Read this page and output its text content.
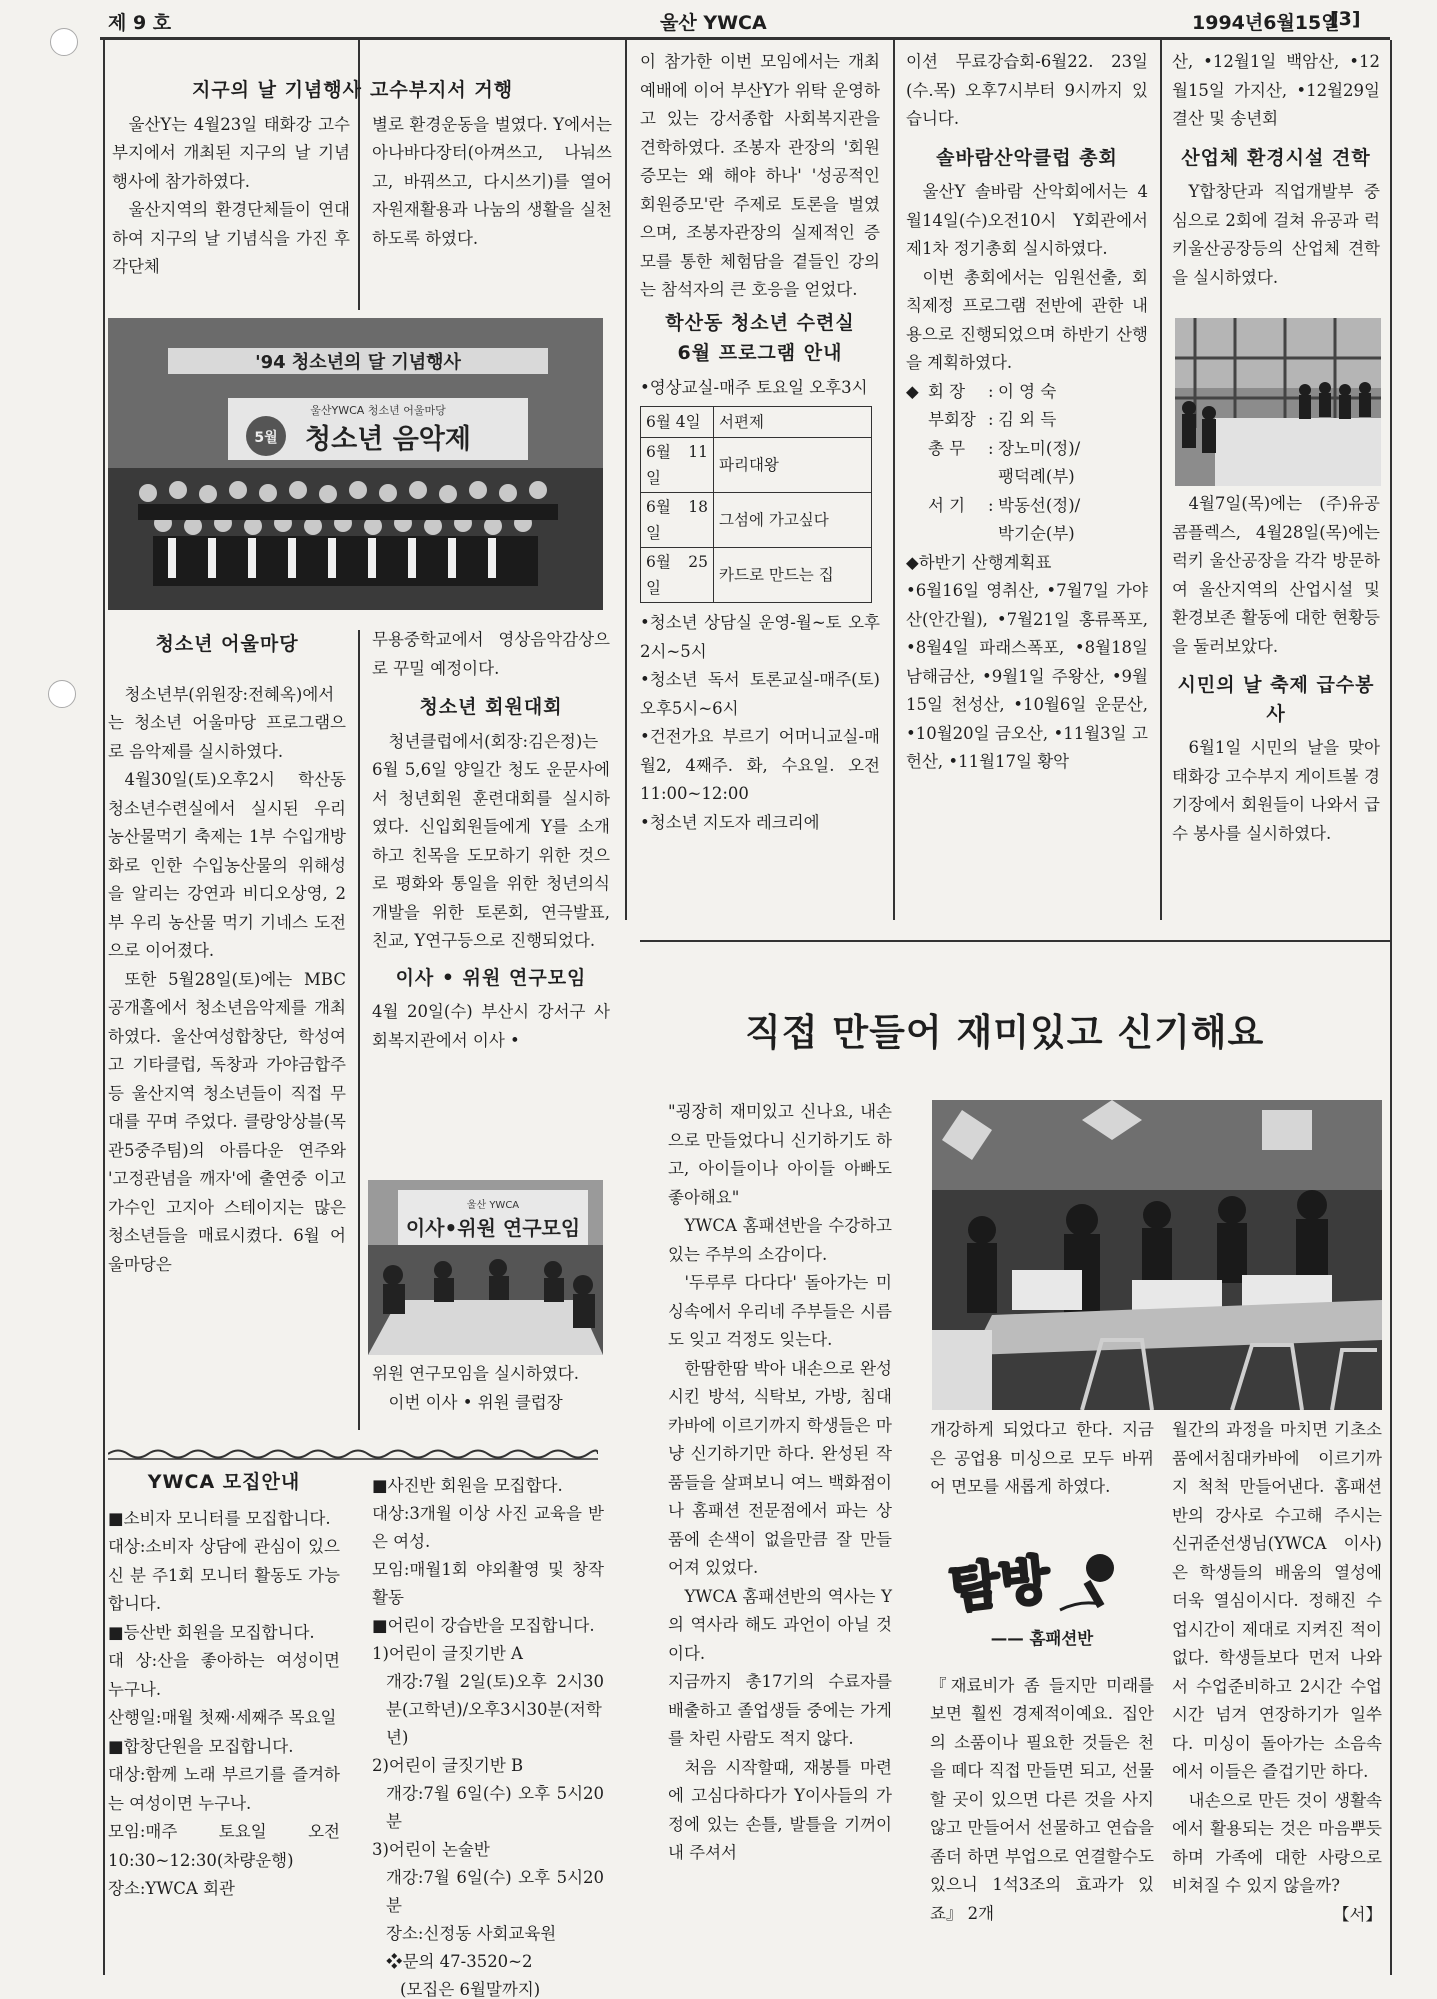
제 9 호	울산 YWCA	1994년6월15일
[3]
지구의 날 기념행사

울산Y는 4월23일 태화강 고수부지에서 개최된 지구의 날 기념행사에 참가하였다.

울산지역의 환경단체들이 연대하여 지구의 날 기념식을 가진 후 각단체

고수부지서 거행

별로 환경운동을 벌였다. Y에서는 아나바다장터(아껴쓰고, 나눠쓰고, 바꿔쓰고, 다시쓰기)를 열어 자원재활용과 나눔의 생활을 실천하도록 하였다.

'94 청소년의 달 기념행사
5월
울산YWCA 청소년 어울마당
청소년 음악제
청소년 어울마당

청소년부(위원장:전혜옥)에서는 청소년 어울마당 프로그램으로 음악제를 실시하였다.

4월30일(토)오후2시 학산동 청소년수련실에서 실시된 우리 농산물먹기 축제는 1부 수입개방화로 인한 수입농산물의 위해성을 알리는 강연과 비디오상영, 2부 우리 농산물 먹기 기네스 도전으로 이어졌다.

또한 5월28일(토)에는 MBC공개홀에서 청소년음악제를 개최하였다. 울산여성합창단, 학성여고 기타클럽, 독창과 가야금합주등 울산지역 청소년들이 직접 무대를 꾸며 주었다. 클랑앙상블(목관5중주팀)의 아름다운 연주와 '고정관념을 깨자'에 출연중 이고 가수인 고지아 스테이지는 많은 청소년들을 매료시켰다. 6월 어울마당은

무용중학교에서 영상음악감상으로 꾸밀 예정이다.

청소년 회원대회

청년클럽에서(회장:김은정)는 6월 5,6일 양일간 청도 운문사에서 청년회원 훈련대회를 실시하였다. 신입회원들에게 Y를 소개하고 친목을 도모하기 위한 것으로 평화와 통일을 위한 청년의식 개발을 위한 토론회, 연극발표, 친교, Y연구등으로 진행되었다.

이사 • 위원 연구모임

4월 20일(수) 부산시 강서구 사회복지관에서 이사 •

울산 YWCA
이사•위원 연구모임

위원 연구모임을 실시하였다.

이번 이사 • 위원 클럽장

이 참가한 이번 모임에서는 개최예배에 이어 부산Y가 위탁 운영하고 있는 강서종합 사회복지관을 견학하였다. 조봉자 관장의 '회원증모는 왜 해야 하나' '성공적인 회원증모'란 주제로 토론을 벌였으며, 조봉자관장의 실제적인 증모를 통한 체험담을 곁들인 강의는 참석자의 큰 호응을 얻었다.

학산동 청소년 수련실
6월 프로그램 안내

•영상교실-매주 토요일 오후3시

6월 4일	서편제
6월 11일	파리대왕
6월 18일	그섬에 가고싶다
6월 25일	카드로 만드는 집

•청소년 상담실 운영-월~토 오후2시~5시

•청소년 독서 토론교실-매주(토) 오후5시~6시

•건전가요 부르기 어머니교실-매월2, 4째주. 화, 수요일. 오전11:00~12:00

•청소년 지도자 레크리에

이션 무료강습회-6월22. 23일(수.목) 오후7시부터 9시까지 있습니다.

솔바람산악클럽 총회

울산Y 솔바람 산악회에서는 4월14일(수)오전10시 Y회관에서 제1차 정기총회 실시하였다.

이번 총회에서는 임원선출, 회칙제정 프로그램 전반에 관한 내용으로 진행되었으며 하반기 산행을 계획하였다.

◆ 회 장	: 이 영 숙
부회장 : 김 외 득
총 무	: 장노미(정)/
팽덕례(부)
서 기	: 박동선(정)/
박기순(부)

◆하반기 산행계획표

•6월16일 영취산, •7월7일 가야산(안간월), •7월21일 홍류폭포, •8월4일 파래스폭포, •8월18일 남해금산, •9월1일 주왕산, •9월15일 천성산, •10월6일 운문산, •10월20일 금오산, •11월3일 고헌산, •11월17일 황악

산, •12월1일 백암산, •12월15일 가지산, •12월29일 결산 및 송년회

산업체 환경시설 견학

Y합창단과 직업개발부 중심으로 2회에 걸쳐 유공과 럭키울산공장등의 산업체 견학을 실시하였다.

4월7일(목)에는 (주)유공 콤플렉스, 4월28일(목)에는 럭키 울산공장을 각각 방문하여 울산지역의 산업시설 및 환경보존 활동에 대한 현황등을 둘러보았다.

시민의 날 축제 급수봉사

6월1일 시민의 날을 맞아 태화강 고수부지 게이트볼 경기장에서 회원들이 나와서 급수 봉사를 실시하였다.

YWCA 모집안내

■소비자 모니터를 모집합니다.

대상:소비자 상담에 관심이 있으신 분 주1회 모니터 활동도 가능합니다.

■등산반 회원을 모집합니다.

대 상:산을 좋아하는 여성이면 누구나.

산행일:매월 첫째·세째주 목요일

■합창단원을 모집합니다.

대상:함께 노래 부르기를 즐겨하는 여성이면 누구나.

모임:매주 토요일 오전10:30~12:30(차량운행)

장소:YWCA 회관

■사진반 회원을 모집합다.

대상:3개월 이상 사진 교육을 받은 여성.

모임:매월1회 야외촬영 및 창작활동

■어린이 강습반을 모집합니다.

1)어린이 글짓기반 A

개강:7월 2일(토)오후 2시30분(고학년)/오후3시30분(저학년)

2)어린이 글짓기반 B

개강:7월 6일(수) 오후 5시20분

3)어린이 논술반

개강:7월 6일(수) 오후 5시20분

장소:신정동 사회교육원

❖문의 47-3520~2

(모집은 6월말까지)

직접 만들어 재미있고 신기해요

"굉장히 재미있고 신나요, 내손으로 만들었다니 신기하기도 하고, 아이들이나 아이들 아빠도 좋아해요"

YWCA 홈패션반을 수강하고 있는 주부의 소감이다.

'두루루 다다다' 돌아가는 미싱속에서 우리네 주부들은 시름도 잊고 걱정도 잊는다.

한땀한땀 박아 내손으로 완성시킨 방석, 식탁보, 가방, 침대카바에 이르기까지 학생들은 마냥 신기하기만 하다. 완성된 작품들을 살펴보니 여느 백화점이나 홈패션 전문점에서 파는 상품에 손색이 없을만큼 잘 만들어져 있었다.

YWCA 홈패션반의 역사는 Y의 역사라 해도 과언이 아닐 것이다.

지금까지 총17기의 수료자를 배출하고 졸업생들 중에는 가게를 차린 사람도 적지 않다.

처음 시작할때, 재봉틀 마련에 고심다하다가 Y이사들의 가정에 있는 손틀, 발틀을 기꺼이 내 주셔서

개강하게 되었다고 한다. 지금은 공업용 미싱으로 모두 바뀌어 면모를 새롭게 하였다.

탐방

—— 홈패션반

『재료비가 좀 들지만 미래를 보면 훨씬 경제적이예요. 집안의 소품이나 필요한 것들은 천을 떼다 직접 만들면 되고, 선물할 곳이 있으면 다른 것을 사지않고 만들어서 선물하고 연습을 좀더 하면 부업으로 연결할수도 있으니 1석3조의 효과가 있죠』 2개

월간의 과정을 마치면 기초소품에서침대카바에 이르기까지 척척 만들어낸다. 홈패션반의 강사로 수고해 주시는 신귀준선생님(YWCA 이사)은 학생들의 배움의 열성에 더욱 열심이시다. 정해진 수업시간이 제대로 지켜진 적이 없다. 학생들보다 먼저 나와서 수업준비하고 2시간 수업시간 넘겨 연장하기가 일쑤다. 미싱이 돌아가는 소음속에서 이들은 즐겁기만 하다.

내손으로 만든 것이 생활속에서 활용되는 것은 마음뿌듯하며 가족에 대한 사랑으로 비쳐질 수 있지 않을까?

【서】
